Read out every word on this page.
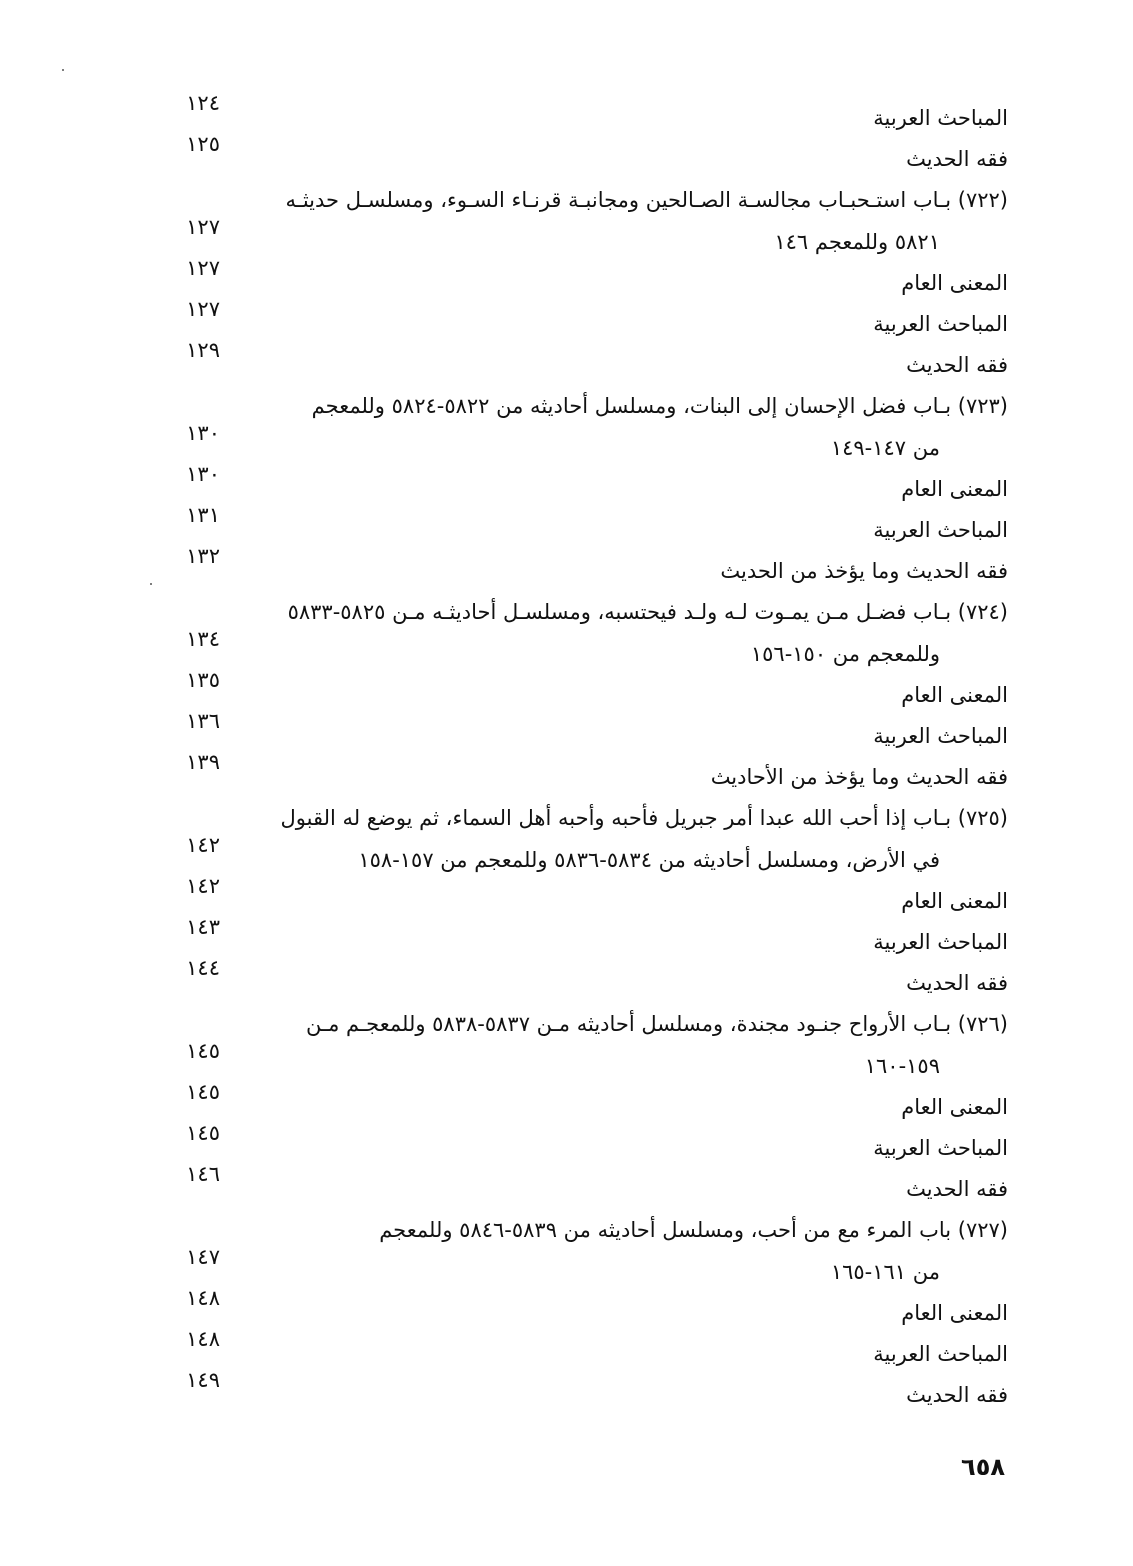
المباحث العربية
١٢٤
فقه الحديث
١٢٥
(٧٢٢) بـاب استـحبـاب مجالسـة الصـالحين ومجانبـة قرنـاء السـوء، ومسلسـل حديثـه
٥٨٢١ وللمعجم ١٤٦
١٢٧
المعنى العام
١٢٧
المباحث العربية
١٢٧
فقه الحديث
١٢٩
(٧٢٣) بـاب فضل الإحسان إلى البنات، ومسلسل أحاديثه من ٥٨٢٢-٥٨٢٤ وللمعجم
من ١٤٧-١٤٩
١٣٠
المعنى العام
١٣٠
المباحث العربية
١٣١
فقه الحديث وما يؤخذ من الحديث
١٣٢
(٧٢٤) بـاب فضـل مـن يمـوت لـه ولـد فيحتسبه، ومسلسـل أحاديثـه مـن ٥٨٢٥-٥٨٣٣
وللمعجم من ١٥٠-١٥٦
١٣٤
المعنى العام
١٣٥
المباحث العربية
١٣٦
فقه الحديث وما يؤخذ من الأحاديث
١٣٩
(٧٢٥) بـاب إذا أحب الله عبدا أمر جبريل فأحبه وأحبه أهل السماء، ثم يوضع له القبول
في الأرض، ومسلسل أحاديثه من ٥٨٣٤-٥٨٣٦ وللمعجم من ١٥٧-١٥٨
١٤٢
المعنى العام
١٤٢
المباحث العربية
١٤٣
فقه الحديث
١٤٤
(٧٢٦) بـاب الأرواح جنـود مجندة، ومسلسل أحاديثه مـن ٥٨٣٧-٥٨٣٨ وللمعجـم مـن
١٥٩-١٦٠
١٤٥
المعنى العام
١٤٥
المباحث العربية
١٤٥
فقه الحديث
١٤٦
(٧٢٧) باب المرء مع من أحب، ومسلسل أحاديثه من ٥٨٣٩-٥٨٤٦ وللمعجم
من ١٦١-١٦٥
١٤٧
المعنى العام
١٤٨
المباحث العربية
١٤٨
فقه الحديث
١٤٩
٦٥٨
